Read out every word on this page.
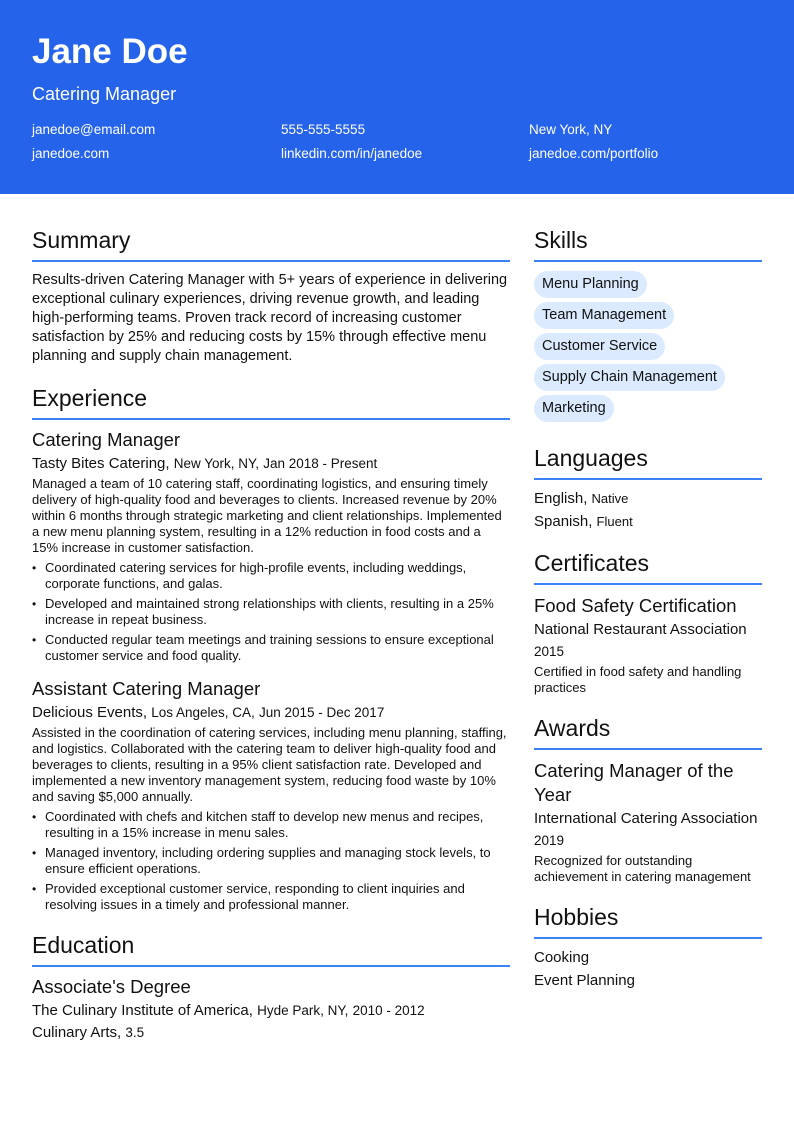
Jane Doe
Catering Manager
janedoe@email.com	555-555-5555	New York, NY
janedoe.com	linkedin.com/in/janedoe	janedoe.com/portfolio
Summary
Results-driven Catering Manager with 5+ years of experience in delivering exceptional culinary experiences, driving revenue growth, and leading high-performing teams. Proven track record of increasing customer satisfaction by 25% and reducing costs by 15% through effective menu planning and supply chain management.
Experience
Catering Manager
Tasty Bites Catering, New York, NY, Jan 2018 - Present
Managed a team of 10 catering staff, coordinating logistics, and ensuring timely delivery of high-quality food and beverages to clients. Increased revenue by 20% within 6 months through strategic marketing and client relationships. Implemented a new menu planning system, resulting in a 12% reduction in food costs and a 15% increase in customer satisfaction.
• Coordinated catering services for high-profile events, including weddings, corporate functions, and galas.
• Developed and maintained strong relationships with clients, resulting in a 25% increase in repeat business.
• Conducted regular team meetings and training sessions to ensure exceptional customer service and food quality.
Assistant Catering Manager
Delicious Events, Los Angeles, CA, Jun 2015 - Dec 2017
Assisted in the coordination of catering services, including menu planning, staffing, and logistics. Collaborated with the catering team to deliver high-quality food and beverages to clients, resulting in a 95% client satisfaction rate. Developed and implemented a new inventory management system, reducing food waste by 10% and saving $5,000 annually.
• Coordinated with chefs and kitchen staff to develop new menus and recipes, resulting in a 15% increase in menu sales.
• Managed inventory, including ordering supplies and managing stock levels, to ensure efficient operations.
• Provided exceptional customer service, responding to client inquiries and resolving issues in a timely and professional manner.
Education
Associate's Degree
The Culinary Institute of America, Hyde Park, NY, 2010 - 2012
Culinary Arts, 3.5
Skills
Menu Planning
Team Management
Customer Service
Supply Chain Management
Marketing
Languages
English, Native
Spanish, Fluent
Certificates
Food Safety Certification
National Restaurant Association
2015
Certified in food safety and handling practices
Awards
Catering Manager of the Year
International Catering Association
2019
Recognized for outstanding achievement in catering management
Hobbies
Cooking
Event Planning
